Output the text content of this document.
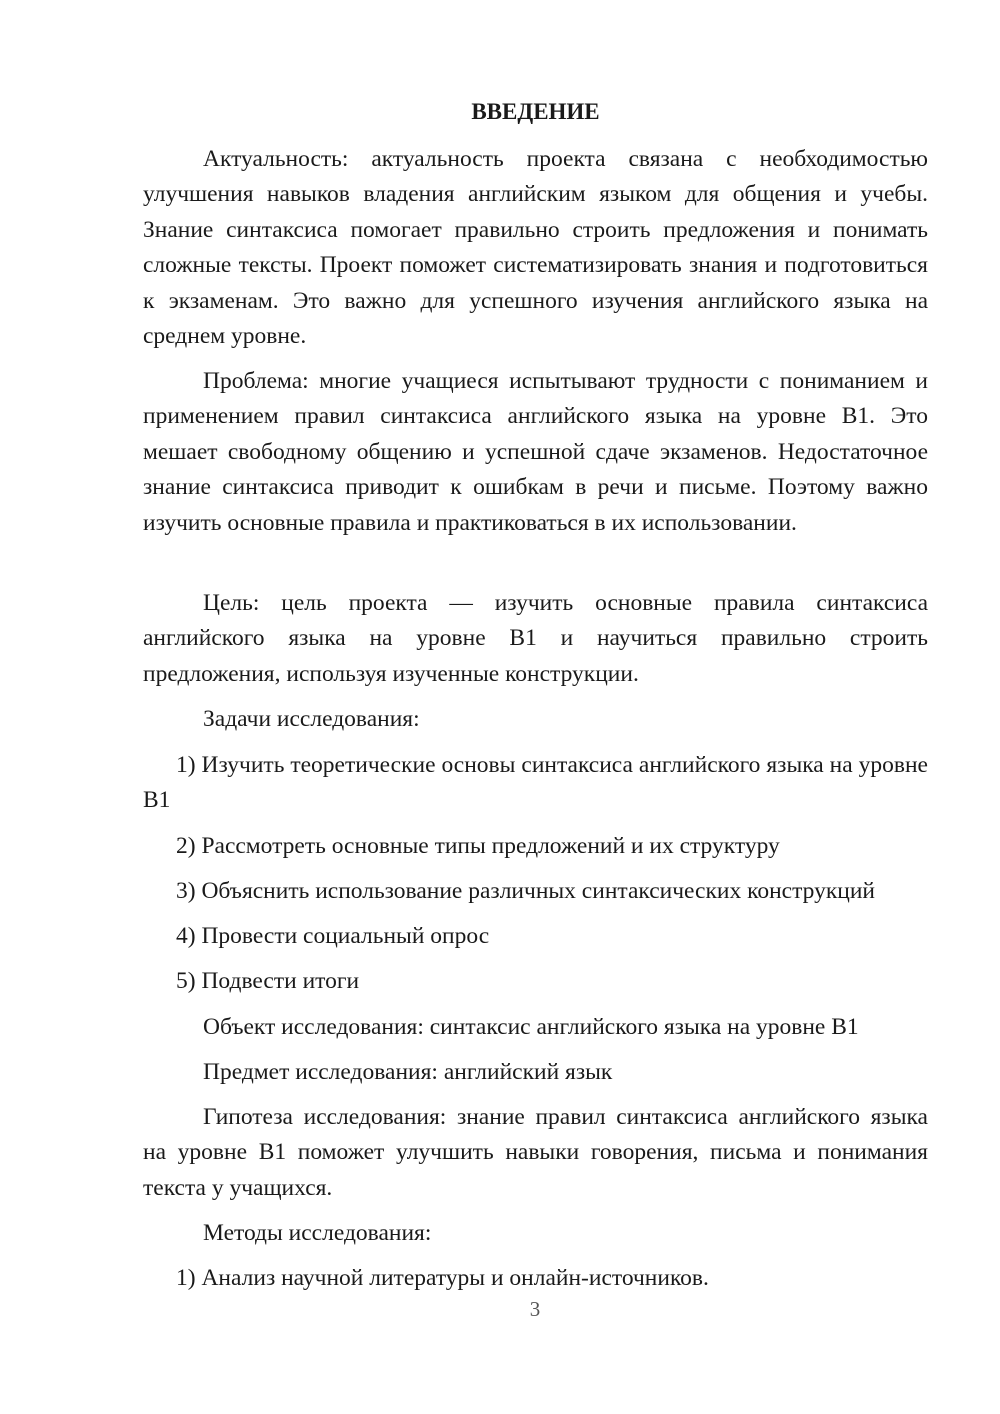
ВВЕДЕНИЕ

Актуальность: актуальность проекта связана с необходимостью улучшения навыков владения английским языком для общения и учебы. Знание синтаксиса помогает правильно строить предложения и понимать сложные тексты. Проект поможет систематизировать знания и подготовиться к экзаменам. Это важно для успешного изучения английского языка на среднем уровне.

Проблема: многие учащиеся испытывают трудности с пониманием и применением правил синтаксиса английского языка на уровне B1. Это мешает свободному общению и успешной сдаче экзаменов. Недостаточное знание синтаксиса приводит к ошибкам в речи и письме. Поэтому важно изучить основные правила и практиковаться в их использовании.

Цель: цель проекта — изучить основные правила синтаксиса английского языка на уровне B1 и научиться правильно строить предложения, используя изученные конструкции.

Задачи исследования:

1) Изучить теоретические основы синтаксиса английского языка на уровне B1

2) Рассмотреть основные типы предложений и их структуру

3) Объяснить использование различных синтаксических конструкций

4) Провести социальный опрос

5) Подвести итоги

Объект исследования: синтаксис английского языка на уровне B1

Предмет исследования: английский язык

Гипотеза исследования: знание правил синтаксиса английского языка на уровне B1 поможет улучшить навыки говорения, письма и понимания текста у учащихся.

Методы исследования:

1) Анализ научной литературы и онлайн-источников.

3
